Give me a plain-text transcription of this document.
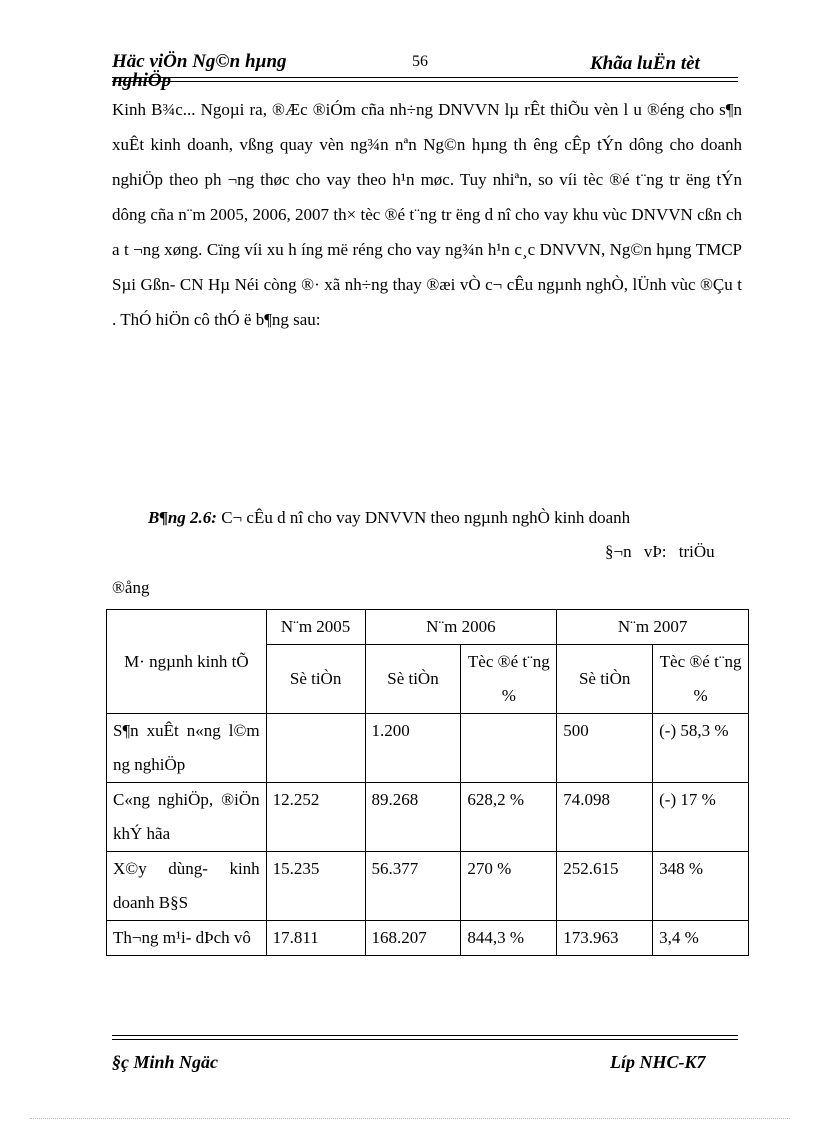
Häc viÖn Ng©n hµng nghiÖp
56	Khãa luËn tèt

Kinh B¾c... Ngoµi ra, ®Æc ®iÓm cña nh÷ng DNVVN lµ rÊt thiÕu vèn l u ®éng cho s¶n xuÊt kinh doanh, vßng quay vèn ng¾n nªn Ng©n hµng th êng cÊp tÝn dông cho doanh nghiÖp theo ph ¬ng thøc cho vay theo h¹n møc. Tuy nhiªn, so víi tèc ®é t¨ng tr ëng tÝn dông cña n¨m 2005, 2006, 2007 th× tèc ®é t¨ng tr ëng d nî cho vay khu vùc DNVVN cßn ch a t ¬ng xøng. Cïng víi xu h íng më réng cho vay ng¾n h¹n c¸c DNVVN, Ng©n hµng TMCP Sµi Gßn- CN Hµ Néi còng ®· xã nh÷ng thay ®æi vÒ c¬ cÊu ngµnh nghÒ, lÜnh vùc ®Çu t . ThÓ hiÖn cô thÓ ë b¶ng sau:

B¶ng 2.6: C¬ cÊu d nî cho vay DNVVN theo ngµnh nghÒ kinh doanh
§¬n vÞ: triÖu
®ång
M· ngµnh kinh tÕ	N¨m 2005	N¨m 2006		N¨m 2007	
	Sè tiÒn	Sè tiÒn	Tèc ®é t¨ng %	Sè tiÒn	Tèc ®é t¨ng %
S¶n xuÊt n«ng l©m ng nghiÖp		1.200		500	(-) 58,3 %
C«ng nghiÖp, ®iÖn khÝ hãa	12.252	89.268	628,2 %	74.098	(-) 17 %
X©y dùng- kinh doanh B§S	15.235	56.377	270 %	252.615	348 %
Th¬ng m¹i- dÞch vô	17.811	168.207	844,3 %	173.963	3,4 %
§ç Minh Ngäc	Líp NHC-K7
